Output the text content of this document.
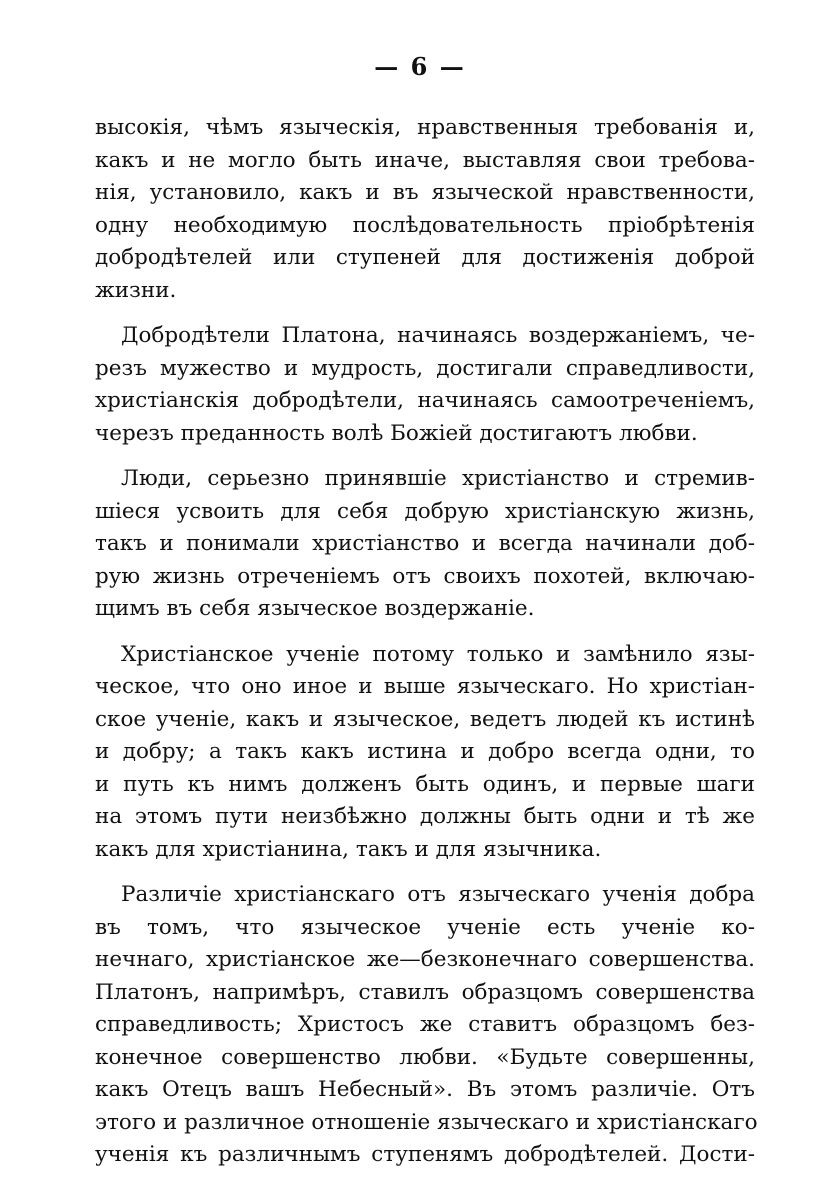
— 6 —
высокія, чѣмъ языческія, нравственныя требованія и,
какъ и не могло быть иначе, выставляя свои требова-
нія, установило, какъ и въ языческой нравственности,
одну необходимую послѣдовательность пріобрѣтенія
добродѣтелей или ступеней для достиженія доброй
жизни.
Добродѣтели Платона, начинаясь воздержаніемъ, че-
резъ мужество и мудрость, достигали справедливости,
христіанскія добродѣтели, начинаясь самоотреченіемъ,
черезъ преданность волѣ Божіей достигаютъ любви.
Люди, серьезно принявшіе христіанство и стремив-
шіеся усвоить для себя добрую христіанскую жизнь,
такъ и понимали христіанство и всегда начинали доб-
рую жизнь отреченіемъ отъ своихъ похотей, включаю-
щимъ въ себя языческое воздержаніе.
Христіанское ученіе потому только и замѣнило язы-
ческое, что оно иное и выше языческаго. Но христіан-
ское ученіе, какъ и языческое, ведетъ людей къ истинѣ
и добру; а такъ какъ истина и добро всегда одни, то
и путь къ нимъ долженъ быть одинъ, и первые шаги
на этомъ пути неизбѣжно должны быть одни и тѣ же
какъ для христіанина, такъ и для язычника.
Различіе христіанскаго отъ языческаго ученія добра
въ томъ, что языческое ученіе есть ученіе ко-
нечнаго, христіанское же—безконечнаго совершенства.
Платонъ, напримѣръ, ставилъ образцомъ совершенства
справедливость; Христосъ же ставитъ образцомъ без-
конечное совершенство любви. «Будьте совершенны,
какъ Отецъ вашъ Небесный». Въ этомъ различіе. Отъ
этого и различное отношеніе языческаго и христіанскаго
ученія къ различнымъ ступенямъ добродѣтелей. Дости-
